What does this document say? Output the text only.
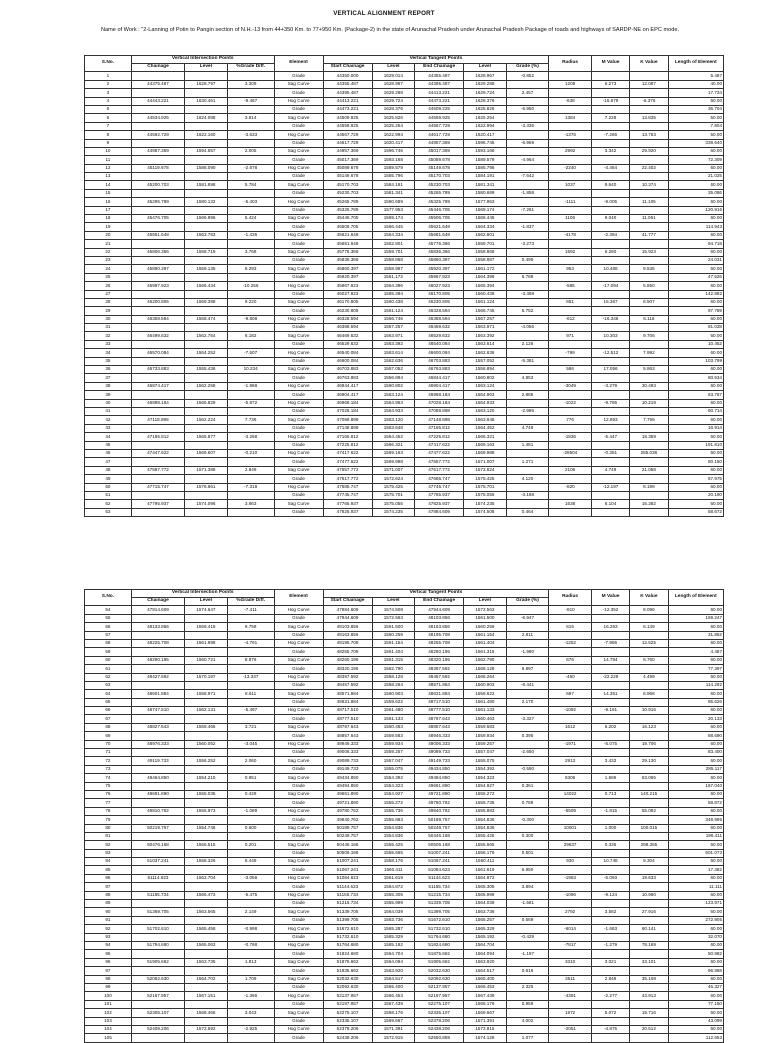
VERTICAL ALIGNMENT REPORT
Name of Work : "2-Lanning of Potin to Pangin section of N.H.-13 from 44+350 Km. to 77+950 Km. (Package-2) in the state of Arunachal Pradesh under Arunachal Pradesh Package of roads and highways of SARDP-NE on EPC mode.
S.No.	Vertical Intersection Points			Element	Vertical Tangent Points					Radius	M Value	K Value	Length of Element
	Chainage	Level	%Grade Diff.		Start Chainage	Level	End Chainage	Level	Grade (%)				
1				Grade	44350.000	1629.014	44355.487	1628.967	-0.852				5.487
2	44375.487	1628.797	3.309	Sag Curve	44355.487	1628.967	44395.487	1629.288		1209	6.273	12.087	40.00
3				Grade	44395.487	1629.288	44413.221	1629.724	2.457				17.734
4	44443.221	1630.461	-9.467	Hog Curve	44413.221	1629.724	44473.221	1628.376		-638	-15.679	-6.376	60.00
5				Grade	44473.221	1628.376	44509.225	1625.826	-6.950				36.704
6	44534.925	1624.088	3.614	Sag Curve	44509.925	1625.826	44559.925	1625.254		1384	7.228	13.835	50.00
7				Grade	44559.925	1625.254	44567.729	1622.994	-3.336				7.804
8	44592.729	1622.160	-3.633	Hog Curve	44567.729	1622.994	44617.729	1620.417		-1376	-7.266	13.763	50.00
9				Grade	44617.729	1620.417	44957.369	1596.746	-6.969				339.640
10	44987.369	1594.657	2.005	Sag Curve	44957.369	1596.746	45017.369	1593.168		2992	3.342	29.920	60.00
11				Grade	45017.369	1593.168	45089.678	1589.579	-4.964				72.309
12	45119.678	1588.090	-2.678	Hog Curve	45089.678	1589.579	45149.678	1585.796		-2240	-4.464	22.402	60.00
13				Grade	45149.678	1585.796	45170.703	1584.191	-7.642				21.025
14	45200.703	1581.898	5.784	Sag Curve	45170.703	1584.191	45230.703	1581.341		1037	9.640	10.374	60.00
15				Grade	45230.703	1581.341	45265.789	1580.689	-1.858				35.086
16	45295.789	1580.132	-5.403	Hog Curve	45265.789	1580.689	45325.789	1577.953		-1111	-9.005	11.105	60.00
17				Grade	45325.789	1577.953	45446.705	1569.174	-7.261				120.916
18	45476.705	1566.996	5.424	Sag Curve	45446.705	1569.174	45506.705	1566.445		1106	9.040	11.061	60.00
19				Grade	45506.705	1566.445	45621.648	1564.334	-1.837				114.943
20	45651.648	1563.783	-1.436	Hog Curve	45621.648	1564.334	45681.648	1562.801		-4178	-2.394	41.777	60.00
21				Grade	45681.648	1562.801	45776.366	1559.701	-3.273				94.718
22	45806.366	1558.719	3.768	Sag Curve	45776.366	1559.701	45836.366	1558.868		1592	6.280	15.923	60.00
23				Grade	45836.366	1558.868	45860.397	1558.987	0.495				24.031
24	45890.397	1559.135	6.293	Sag Curve	45860.397	1558.987	45920.397	1561.172		953	10.488	9.535	60.00
25				Grade	45920.397	1561.172	45967.923	1564.396	6.788				47.526
26	45997.923	1566.434	-10.256	Hog Curve	45967.923	1564.396	46027.923	1565.394		-585	-17.094	5.850	60.00
27				Grade	46027.923	1565.394	46170.805	1560.438	-3.468				142.882
28	46200.805	1559.398	9.220	Sag Curve	46170.805	1560.438	46230.805	1561.124		651	15.367	6.507	60.00
29				Grade	46230.805	1561.124	46328.594	1566.746	5.752				97.789
30	46358.594	1568.474	-9.808	Hog Curve	46328.594	1566.746	46388.594	1567.257		-612	-16.346	6.118	60.00
31				Grade	46388.594	1567.257	46469.632	1563.971	-4.056				81.038
32	46499.632	1562.754	6.182	Sag Curve	46469.632	1563.971	46529.632	1563.392		971	10.303	9.706	60.00
33				Grade	46529.632	1563.392	46540.084	1563.614	2.126				10.452
34	46570.084	1564.252	-7.507	Hog Curve	46540.084	1563.614	46600.084	1562.636		-799	-12.512	7.992	60.00
35				Grade	46600.084	1562.636	46703.883	1557.052	-5.381				103.799
36	46733.883	1555.436	10.234	Sag Curve	46703.883	1557.052	46763.883	1556.894		586	17.056	5.863	60.00
37				Grade	46763.883	1556.894	46844.417	1560.802	4.853				80.534
38	46874.417	1562.258	-1.968	Hog Curve	46844.417	1560.802	46904.417	1563.124		-3049	-3.279	30.493	60.00
39				Grade	46904.417	1563.124	46968.184	1564.963	2.885				63.767
40	46998.184	1565.829	-5.872	Hog Curve	46968.184	1564.963	47028.184	1564.933		-1022	-9.786	10.219	60.00
41				Grade	47028.184	1564.933	47088.898	1563.120	-2.986				60.714
42	47118.898	1562.224	7.736	Sag Curve	47088.898	1563.120	47148.898	1563.648		776	12.893	7.756	60.00
43				Grade	47148.898	1563.648	47165.812	1564.452	4.749				16.914
44	47195.812	1565.877	-3.268	Hog Curve	47165.812	1564.452	47225.812	1566.321		-1836	-5.447	18.359	60.00
45				Grade	47225.812	1566.321	47417.622	1569.163	1.481				191.810
46	47447.622	1569.607	-0.210	Hog Curve	47417.622	1569.163	47477.622	1569.988		-28504	-0.351	285.036	60.00
47				Grade	47477.622	1569.988	47557.772	1571.007	1.271				80.150
48	47587.772	1571.388	2.849	Sag Curve	47557.772	1571.007	47617.772	1572.624		2106	4.749	21.058	60.00
49				Grade	47617.772	1572.624	47685.747	1575.425	4.120				67.975
50	47715.747	1576.661	-7.318	Hog Curve	47685.747	1575.425	47745.747	1575.701		-820	-12.197	8.199	60.00
51				Grade	47745.747	1575.701	47765.937	1575.055	-3.198				20.190
52	47795.937	1574.096	3.663	Sag Curve	47765.937	1575.055	47825.937	1574.235		1638	6.104	16.382	60.00
53				Grade	47825.937	1574.235	47884.609	1574.508	0.464				58.672
S.No.	Vertical Intersection Points			Element	Vertical Tangent Points					Radius	M Value	K Value	Length of Element
	Chainage	Level	%Grade Diff.		Start Chainage	Level	End Chainage	Level	Grade (%)				
54	47914.609	1574.647	-7.411	Hog Curve	47884.609	1574.508	47944.609	1572.563		-810	-12.352	8.096	60.00
55				Grade	47944.609	1572.563	48103.856	1561.500	-6.947				159.247
56	48133.856	1559.418	9.758	Sag Curve	48103.856	1561.500	48163.856	1560.259		615	16.263	6.149	60.00
57				Grade	48163.856	1560.259	48195.708	1561.154	2.811				31.852
58	48225.708	1561.998	-4.791	Hog Curve	48195.708	1561.154	48255.708	1561.404		-1252	-7.986	12.525	60.00
59				Grade	48255.708	1561.404	48260.195	1561.315	-1.980				4.487
60	48290.195	1560.721	8.876	Sag Curve	48260.195	1561.315	48320.195	1562.790		676	14.794	6.760	60.00
61				Grade	48320.195	1562.790	48397.592	1568.128	6.897				77.397
62	48427.592	1570.197	-13.337	Hog Curve	48397.592	1568.128	48457.592	1568.264		-450	-22.229	4.499	60.00
63				Grade	48457.592	1568.264	48571.884	1560.903	-6.441				114.292
64	48601.884	1558.971	8.611	Sag Curve	48571.884	1560.903	48631.884	1559.622		697	14.351	6.968	60.00
65				Grade	48631.884	1559.622	48717.510	1561.480	2.170				85.626
66	48747.510	1562.131	-5.497	Hog Curve	48717.510	1561.480	48777.510	1561.133		-1092	-9.161	10.916	60.00
67				Grade	48777.510	1561.133	48797.643	1560.463	-3.327				20.133
68	48827.643	1559.465	3.721	Sag Curve	48797.643	1560.463	48857.643	1559.583		1612	6.202	16.123	60.00
69				Grade	48857.643	1559.583	48946.333	1559.934	0.395				88.690
70	48976.333	1560.052	-3.045	Hog Curve	48946.333	1559.934	49006.333	1559.257		-1971	-5.075	19.706	60.00
71				Grade	49006.333	1559.257	49089.733	1557.047	-2.650				83.400
72	49119.733	1556.252	2.060	Sag Curve	49089.733	1557.047	49149.733	1555.075		2913	3.433	29.130	60.00
73				Grade	49149.733	1555.075	49434.850	1554.392	-0.590				285.117
74	49464.850	1554.215	0.951	Sag Curve	49434.850	1554.392	49494.850	1554.323		6306	1.586	63.065	60.00
75				Grade	49494.850	1554.323	49661.890	1554.927	0.361				167.040
76	49691.890	1555.035	0.428	Sag Curve	49661.890	1554.927	49721.890	1555.272		14022	0.713	140.215	60.00
77				Grade	49721.890	1555.272	49780.762	1555.736	0.789				58.872
78	49810.762	1555.973	-1.089	Hog Curve	49780.762	1555.736	49840.762	1555.883		-5509	-1.815	55.092	60.00
79				Grade	49840.762	1555.883	50189.757	1554.836	-0.300				348.995
80	50219.757	1554.746	0.600	Sag Curve	50189.757	1554.836	50249.757	1554.836		10001	1.000	100.015	60.00
81				Grade	50249.757	1554.836	50446.168	1555.425	0.300				196.411
82	50476.168	1555.515	0.201	Sag Curve	50446.168	1555.425	50506.168	1555.665		29837	0.335	298.365	60.00
83				Grade	50506.168	1555.665	51007.241	1558.176	0.501				501.073
84	51037.241	1558.326	6.449	Sag Curve	51007.241	1558.176	51067.241	1560.411		930	10.748	9.304	60.00
85				Grade	51067.241	1560.411	51084.623	1561.619	6.950				17.382
86	51114.623	1563.704	-3.056	Hog Curve	51084.623	1561.619	51144.623	1564.872		-1963	-5.093	19.633	60.00
87				Grade	51144.623	1564.872	51155.734	1565.305	3.894				11.111
88	51185.734	1566.473	-5.475	Hog Curve	51155.734	1565.305	51215.734	1565.999		-1096	-9.124	10.960	60.00
89				Grade	51215.734	1565.999	51339.705	1564.039	-1.581				123.971
90	51369.705	1563.565	2.149	Sag Curve	51339.705	1564.039	51399.705	1563.736		2792	3.582	27.916	60.00
91				Grade	51399.705	1563.736	51672.610	1565.257	0.569				272.905
92	51702.610	1565.458	-0.998	Hog Curve	51672.610	1565.287	51732.610	1565.329		-6014	-1.663	60.141	60.00
93				Grade	51732.610	1565.329	51764.680	1565.192	-0.429				32.070
94	51794.680	1565.063	-0.768	Hog Curve	51764.680	1565.192	51824.680	1564.704		-7817	-1.279	78.169	60.00
95				Grade	51824.680	1564.704	51875.662	1564.094	-1.197				50.982
96	51905.662	1563.735	1.813	Sag Curve	51875.662	1564.094	51905.662	1563.920		3310	3.021	33.101	60.00
97				Grade	51935.662	1563.920	52032.630	1564.517	0.616				96.968
98	52062.630	1564.702	1.709	Sag Curve	52032.630	1564.517	52092.630	1565.400		3511	2.848	35.108	60.00
99				Grade	52092.630	1565.400	52137.957	1566.453	2.325				45.327
100	52167.957	1567.151	-1.366	Hog Curve	52137.957	1566.453	52197.957	1567.439		-4391	-2.277	43.913	60.00
101				Grade	52197.957	1567.439	52275.107	1568.176	0.959				77.150
102	52305.107	1568.466	3.043	Sag Curve	52275.107	1568.176	52335.107	1569.667		1972	5.072	19.716	60.00
103				Grade	52335.107	1569.667	52378.206	1571.391	4.002				43.099
104	52408.206	1572.592	-2.925	Hog Curve	52378.206	1571.391	52438.206	1572.915		-2051	-4.875	20.512	60.00
105				Grade	52438.206	1572.915	52550.859	1574.128	1.077				112.653
